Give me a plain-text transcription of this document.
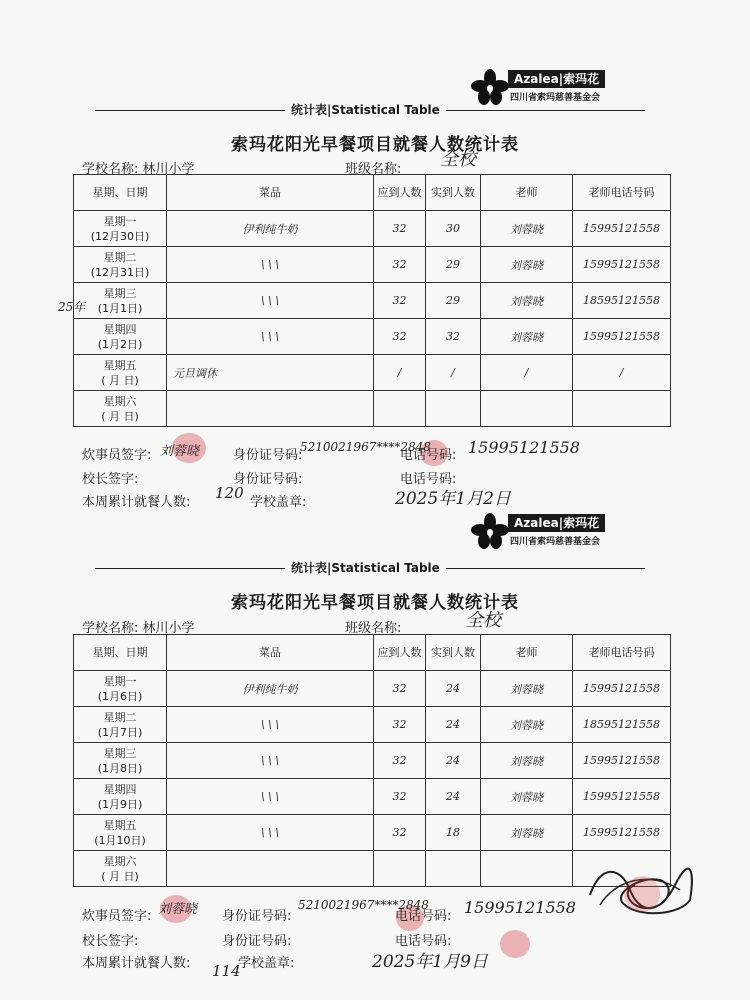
Azalea|索玛花
四川省索玛慈善基金会
统计表|Statistical Table
索玛花阳光早餐项目就餐人数统计表
学校名称: 林川小学	班级名称: 全校
星期、日期	菜品	应到人数	实到人数	老师	老师电话号码

星期一
(12月30日)	伊利纯牛奶	32	30	刘蓉晓	15995121558

星期二
(12月31日)	\ \ \	32	29	刘蓉晓	15995121558

星期三
(1月1日)	\ \ \	32	29	刘蓉晓	18595121558

星期四
(1月2日)	\ \ \	32	32	刘蓉晓	15995121558

星期五
( 月 日)	元旦调休	/	/	/	/

星期六
( 月 日)					

25年
炊事员签字: 刘蓉晓	身份证号码:
5210021967****2848
电话号码: 15995121558
校长签字:	身份证号码:	电话号码:
本周累计就餐人数:
120
学校盖章:	2025年1月2日
Azalea|索玛花
四川省索玛慈善基金会
统计表|Statistical Table
索玛花阳光早餐项目就餐人数统计表
学校名称: 林川小学	班级名称:	全校
星期、日期	菜品	应到人数	实到人数	老师	老师电话号码

星期一
(1月6日)	伊利纯牛奶	32	24	刘蓉晓	15995121558

星期二
(1月7日)	\ \ \	32	24	刘蓉晓	18595121558

星期三
(1月8日)	\ \ \	32	24	刘蓉晓	15995121558

星期四
(1月9日)	\ \ \	32	24	刘蓉晓	15995121558

星期五
(1月10日)	\ \ \	32	18	刘蓉晓	15995121558

星期六
( 月 日)					

炊事员签字: 刘蓉晓 身份证号码:
5210021967****2848
电话号码: 15995121558
校长签字:	身份证号码:	电话号码:
本周累计就餐人数: 114
学校盖章:	2025年1月9日
